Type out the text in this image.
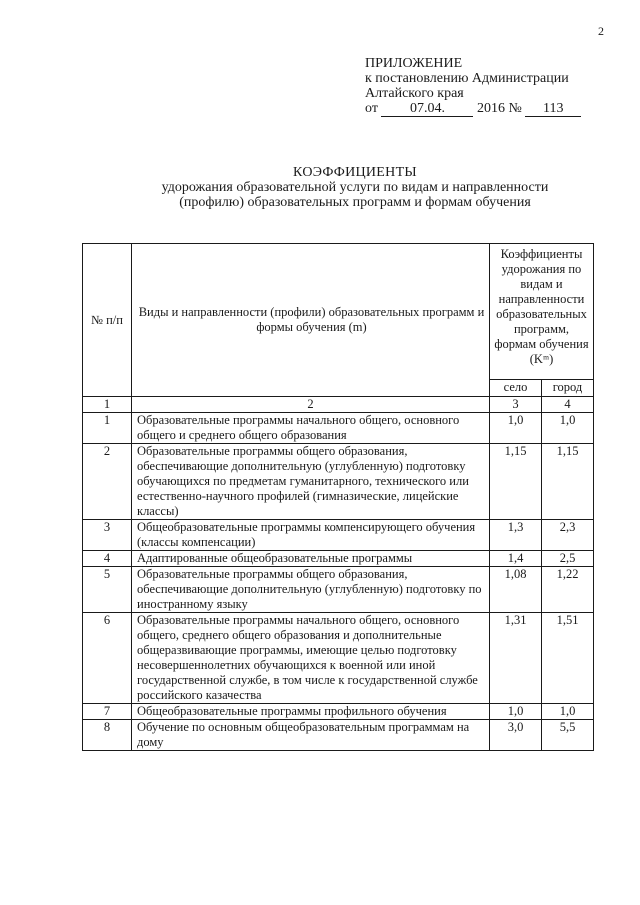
2
ПРИЛОЖЕНИЕ
к постановлению Администрации
Алтайского края
от 07.04. 2016 № 113
КОЭФФИЦИЕНТЫ
удорожания образовательной услуги по видам и направленности
(профилю) образовательных программ и формам обучения
№ п/п	Виды и направленности (профили) образовательных программ и формы обучения (m)	Коэффициенты удорожания по видам и направленности образовательных программ, формам обучения (Kᵐ)	
		село	город
1	2	3	4
1	Образовательные программы начального общего, основного общего и среднего общего образования	1,0	1,0
2	Образовательные программы общего образования, обеспечивающие дополнительную (углубленную) подготовку обучающихся по предметам гуманитарного, технического или естественно-научного профилей (гимназические, лицейские классы)	1,15	1,15
3	Общеобразовательные программы компенсирующего обучения (классы компенсации)	1,3	2,3
4	Адаптированные общеобразовательные программы	1,4	2,5
5	Образовательные программы общего образования, обеспечивающие дополнительную (углубленную) подготовку по иностранному языку	1,08	1,22
6	Образовательные программы начального общего, основного общего, среднего общего образования и дополнительные общеразвивающие программы, имеющие целью подготовку несовершеннолетних обучающихся к военной или иной государственной службе, в том числе к государственной службе российского казачества	1,31	1,51
7	Общеобразовательные программы профильного обучения	1,0	1,0
8	Обучение по основным общеобразовательным программам на дому	3,0	5,5
